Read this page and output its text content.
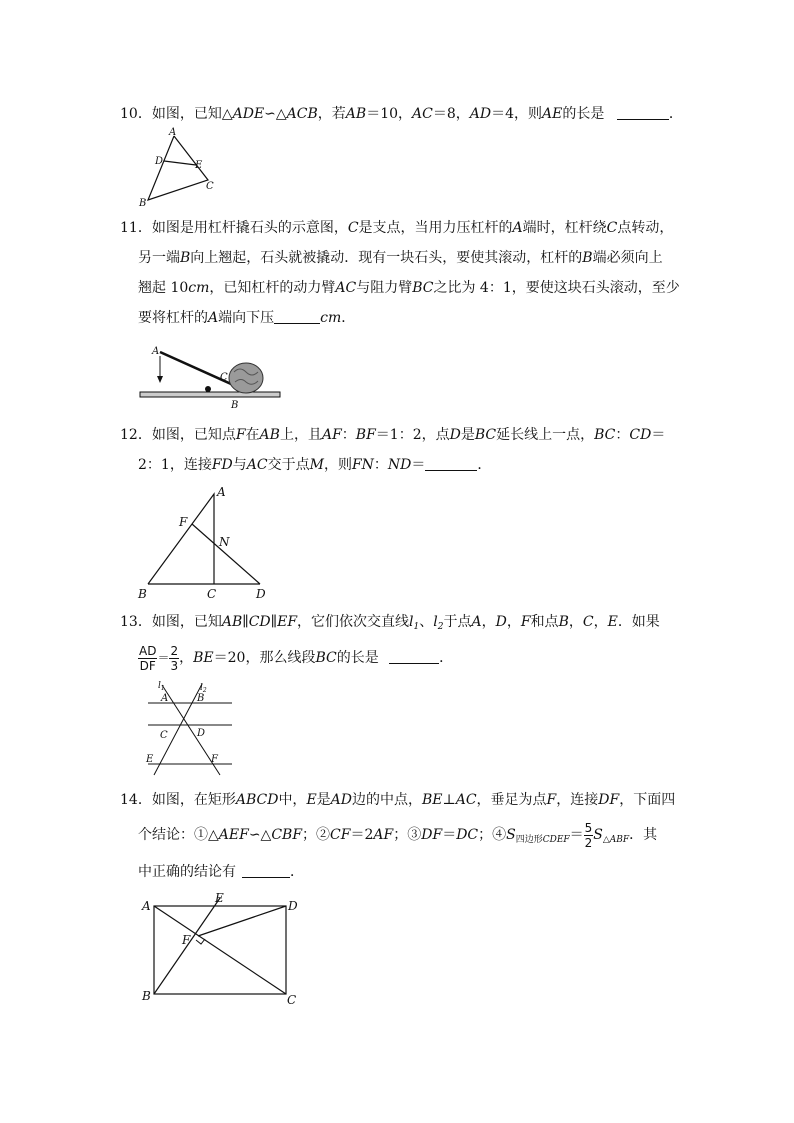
10．如图，已知△ADE∽△ACB，若AB＝10，AC＝8，AD＝4，则AE的长是	．
A
D	E
B
C
11．如图是用杠杆撬石头的示意图，C是支点，当用力压杠杆的A端时，杠杆绕C点转动，
另一端B向上翘起，石头就被撬动．现有一块石头，要使其滚动，杠杆的B端必须向上
翘起 10cm，已知杠杆的动力臂AC与阻力臂BC之比为 4：1，要使这块石头滚动，至少
要将杠杆的A端向下压	cm．
A
C
B
12．如图，已知点F在AB上，且AF：BF＝1：2，点D是BC延长线上一点，BC：CD＝
2：1，连接FD与AC交于点M，则FN：ND＝	．
A
F
N
B	C	D
13．如图，已知AB∥CD∥EF，它们依次交直线$l_1$、$l_2$于点A，D，F和点B，C，E．如果
$\frac{AD}{DF} = \frac{2}{3}$ ，BE＝20，那么线段BC的长是	．
$l_1$	$l_2$
A	B
C	D
E	F
14．如图，在矩形ABCD中，E是AD边的中点，BE⊥AC，垂足为点F，连接DF，下面四
个结论：①△AEF∽△CBF；②CF＝2AF；③DF＝DC；$④S_{四边形CDEF}= \frac{5}{2} S_{\triangle ABF}$．其
中正确的结论有	．
A
E
D
F
B	C
